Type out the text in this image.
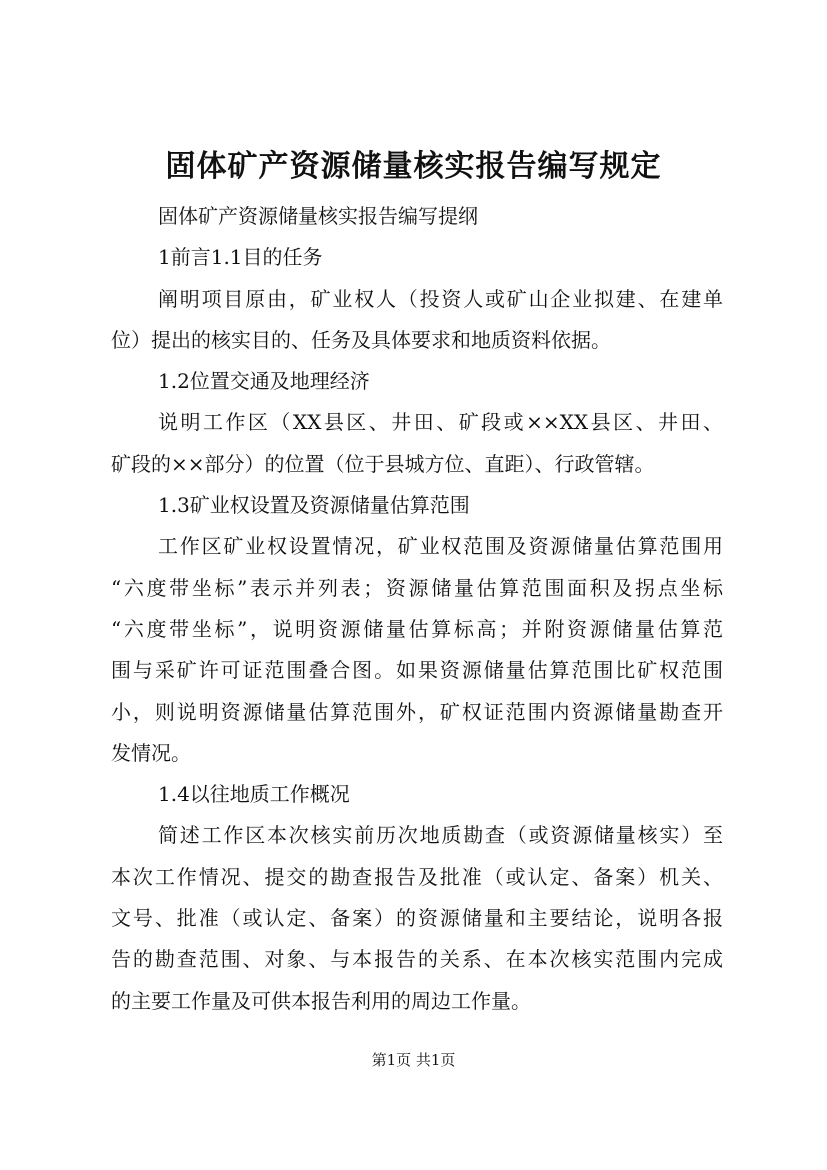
固体矿产资源储量核实报告编写规定
固体矿产资源储量核实报告编写提纲
1前言1.1目的任务
阐明项目原由，矿业权人（投资人或矿山企业拟建、在建单
位）提出的核实目的、任务及具体要求和地质资料依据。
1.2位置交通及地理经济
说明工作区（XX县区、井田、矿段或××XX县区、井田、
矿段的××部分）的位置（位于县城方位、直距）、行政管辖。
1.3矿业权设置及资源储量估算范围
工作区矿业权设置情况，矿业权范围及资源储量估算范围用
“六度带坐标”表示并列表；资源储量估算范围面积及拐点坐标
“六度带坐标”，说明资源储量估算标高；并附资源储量估算范
围与采矿许可证范围叠合图。如果资源储量估算范围比矿权范围
小，则说明资源储量估算范围外，矿权证范围内资源储量勘查开
发情况。
1.4以往地质工作概况
简述工作区本次核实前历次地质勘查（或资源储量核实）至
本次工作情况、提交的勘查报告及批准（或认定、备案）机关、
文号、批准（或认定、备案）的资源储量和主要结论，说明各报
告的勘查范围、对象、与本报告的关系、在本次核实范围内完成
的主要工作量及可供本报告利用的周边工作量。
第1页 共1页
